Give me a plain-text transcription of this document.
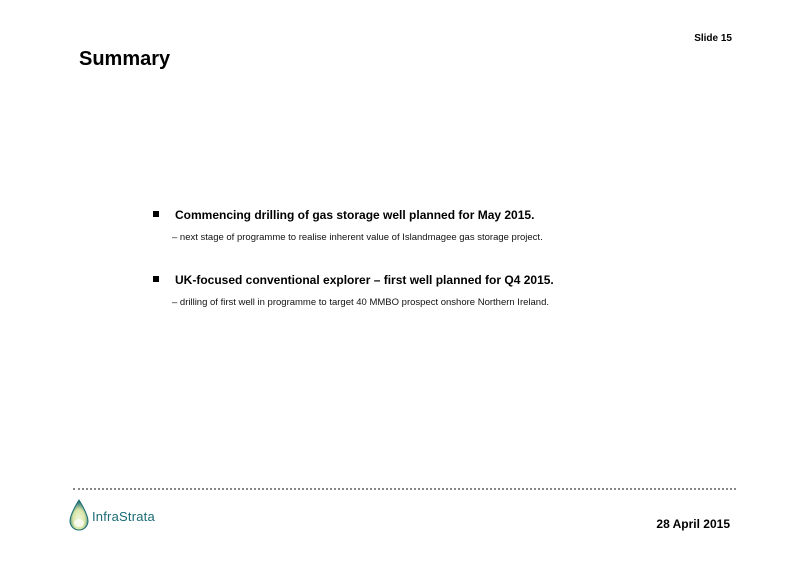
Slide 15
Summary
Commencing drilling of gas storage well planned for May 2015.
– next stage of programme to realise inherent value of Islandmagee gas storage project.
UK-focused conventional explorer – first well planned for Q4 2015.
– drilling of first well in programme to target 40 MMBO prospect onshore Northern Ireland.
InfraStrata
28 April 2015
